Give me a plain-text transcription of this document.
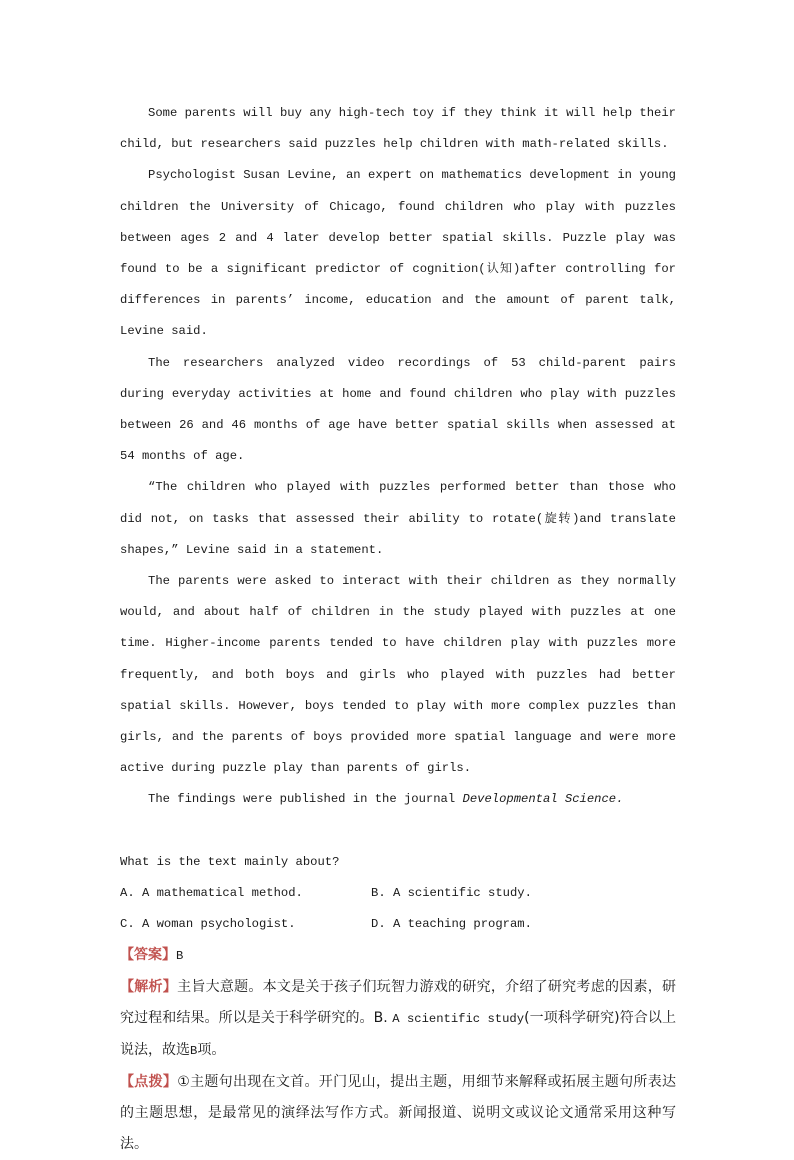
Some parents will buy any high-tech toy if they think it will help their child, but researchers said puzzles help children with math-related skills.

Psychologist Susan Levine, an expert on mathematics development in young children the University of Chicago, found children who play with puzzles between ages 2 and 4 later develop better spatial skills. Puzzle play was found to be a significant predictor of cognition(认知)after controlling for differences in parents’ income, education and the amount of parent talk, Levine said.

The researchers analyzed video recordings of 53 child-parent pairs during everyday activities at home and found children who play with puzzles between 26 and 46 months of age have better spatial skills when assessed at 54 months of age.

“The children who played with puzzles performed better than those who did not, on tasks that assessed their ability to rotate(旋转)and translate shapes,” Levine said in a statement.

The parents were asked to interact with their children as they normally would, and about half of children in the study played with puzzles at one time. Higher-income parents tended to have children play with puzzles more frequently, and both boys and girls who played with puzzles had better spatial skills. However, boys tended to play with more complex puzzles than girls, and the parents of boys provided more spatial language and were more active during puzzle play than parents of girls.

The findings were published in the journal Developmental Science.

What is the text mainly about?

A. A mathematical method.	B. A scientific study.
C. A woman psychologist.	D. A teaching program.

【答案】B

【解析】主旨大意题。本文是关于孩子们玩智力游戏的研究，介绍了研究考虑的因素，研究过程和结果。所以是关于科学研究的。B. A scientific study(一项科学研究)符合以上说法，故选B项。

【点拨】①主题句出现在文首。开门见山，提出主题，用细节来解释或拓展主题句所表达的主题思想，是最常见的演绎法写作方式。新闻报道、说明文或议论文通常采用这种写法。
